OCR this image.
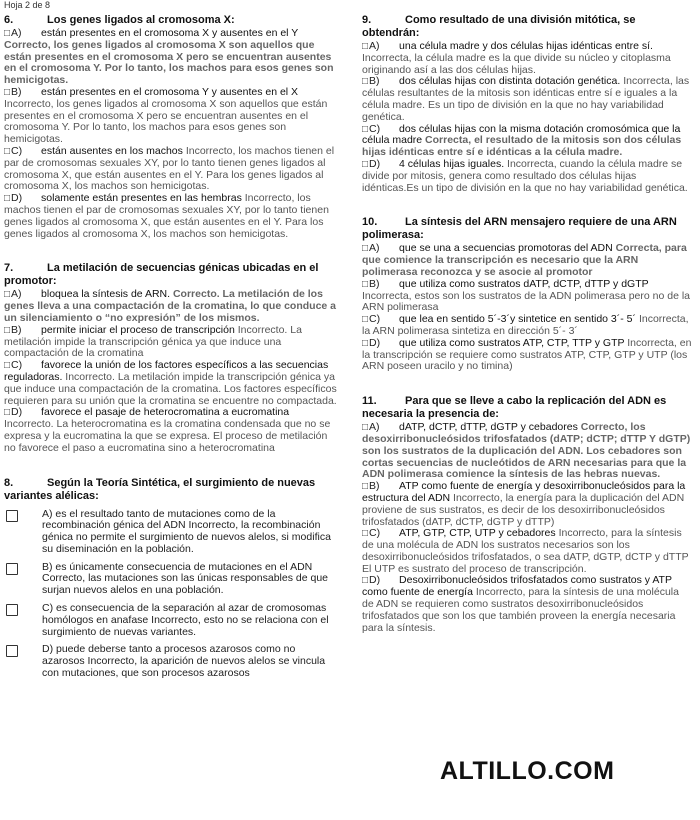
Hoja 2 de 8
6.	Los genes ligados al cromosoma X:
□A) están presentes en el cromosoma X y ausentes en el Y Correcto, los genes ligados al cromosoma X son aquellos que están presentes en el cromosoma X pero se encuentran ausentes en el cromosoma Y. Por lo tanto, los machos para esos genes son hemicigotas.
□B) están presentes en el cromosoma Y y ausentes en el X Incorrecto, los genes ligados al cromosoma X son aquellos que están presentes en el cromosoma X pero se encuentran ausentes en el cromosoma Y. Por lo tanto, los machos para esos genes son hemicigotas.
□C) están ausentes en los machos Incorrecto, los machos tienen el par de cromosomas sexuales XY, por lo tanto tienen genes ligados al cromosoma X, que están ausentes en el Y. Para los genes ligados al cromosoma X, los machos son hemicigotas.
□D) solamente están presentes en las hembras Incorrecto, los machos tienen el par de cromosomas sexuales XY, por lo tanto tienen genes ligados al cromosoma X, que están ausentes en el Y. Para los genes ligados al cromosoma X, los machos son hemicigotas.
7.	La metilación de secuencias génicas ubicadas en el promotor:
□A) bloquea la síntesis de ARN. Correcto. La metilación de los genes lleva a una compactación de la cromatina, lo que conduce a un silenciamiento o “no expresión” de los mismos.
□B) permite iniciar el proceso de transcripción Incorrecto. La metilación impide la transcripción génica ya que induce una compactación de la cromatina
□C) favorece la unión de los factores específicos a las secuencias reguladoras. Incorrecto. La metilación impide la transcripción génica ya que induce una compactación de la cromatina. Los factores específicos requieren para su unión que la cromatina se encuentre no compactada.
□D) favorece el pasaje de heterocromatina a eucromatina Incorrecto. La heterocromatina es la cromatina condensada que no se expresa y la eucromatina la que se expresa. El proceso de metilación no favorece el paso a eucromatina sino a heterocromatina
8.	Según la Teoría Sintética, el surgimiento de nuevas variantes alélicas:
A) es el resultado tanto de mutaciones como de la recombinación génica del ADN Incorrecto, la recombinación génica no permite el surgimiento de nuevos alelos, si modifica su diseminación en la población.
B) es únicamente consecuencia de mutaciones en el ADN Correcto, las mutaciones son las únicas responsables de que surjan nuevos alelos en una población.
C) es consecuencia de la separación al azar de cromosomas homólogos en anafase Incorrecto, esto no se relaciona con el surgimiento de nuevas variantes.
D) puede deberse tanto a procesos azarosos como no azarosos Incorrecto, la aparición de nuevos alelos se vincula con mutaciones, que son procesos azarosos
9.	Como resultado de una división mitótica, se obtendrán:
□A) una célula madre y dos células hijas idénticas entre sí. Incorrecta, la célula madre es la que divide su núcleo y citoplasma originando así a las dos células hijas.
□B) dos células hijas con distinta dotación genética. Incorrecta, las células resultantes de la mitosis son idénticas entre sí e iguales a la célula madre. Es un tipo de división en la que no hay variabilidad genética.
□C) dos células hijas con la misma dotación cromosómica que la célula madre Correcta, el resultado de la mitosis son dos células hijas idénticas entre sí e idénticas a la célula madre.
□D) 4 células hijas iguales. Incorrecta, cuando la célula madre se divide por mitosis, genera como resultado dos células hijas idénticas.Es un tipo de división en la que no hay variabilidad genética.
10.	La síntesis del ARN mensajero requiere de una ARN polimerasa:
□A) que se una a secuencias promotoras del ADN Correcta, para que comience la transcripción es necesario que la ARN polimerasa reconozca y se asocie al promotor
□B) que utiliza como sustratos dATP, dCTP, dTTP y dGTP Incorrecta, estos son los sustratos de la ADN polimerasa pero no de la ARN polimerasa
□C) que lea en sentido 5´-3´y sintetice en sentido 3´- 5´ Incorrecta, la ARN polimerasa sintetiza en dirección 5´- 3´
□D) que utiliza como sustratos ATP, CTP, TTP y GTP Incorrecta, en la transcripción se requiere como sustratos ATP, CTP, GTP y UTP (los ARN poseen uracilo y no timina)
11.	Para que se lleve a cabo la replicación del ADN es necesaria la presencia de:
□A) dATP, dCTP, dTTP, dGTP y cebadores Correcto, los desoxirribonucleósidos trifosfatados (dATP; dCTP; dTTP Y dGTP) son los sustratos de la duplicación del ADN. Los cebadores son cortas secuencias de nucleótidos de ARN necesarias para que la ADN polimerasa comience la síntesis de las hebras nuevas.
□B) ATP como fuente de energía y desoxirribonucleósidos para la estructura del ADN Incorrecto, la energía para la duplicación del ADN proviene de sus sustratos, es decir de los desoxirribonucleósidos trifosfatados (dATP, dCTP, dGTP y dTTP)
□C) ATP, GTP, CTP, UTP y cebadores Incorrecto, para la síntesis de una molécula de ADN los sustratos necesarios son los desoxirribonucleósidos trifosfatados, o sea dATP, dGTP, dCTP y dTTP El UTP es sustrato del proceso de transcripción.
□D) Desoxirribonucleósidos trifosfatados como sustratos y ATP como fuente de energía Incorrecto, para la síntesis de una molécula de ADN se requieren como sustratos desoxirribonucleósidos trifosfatados que son los que también proveen la energía necesaria para la síntesis.
ALTILLO.COM
